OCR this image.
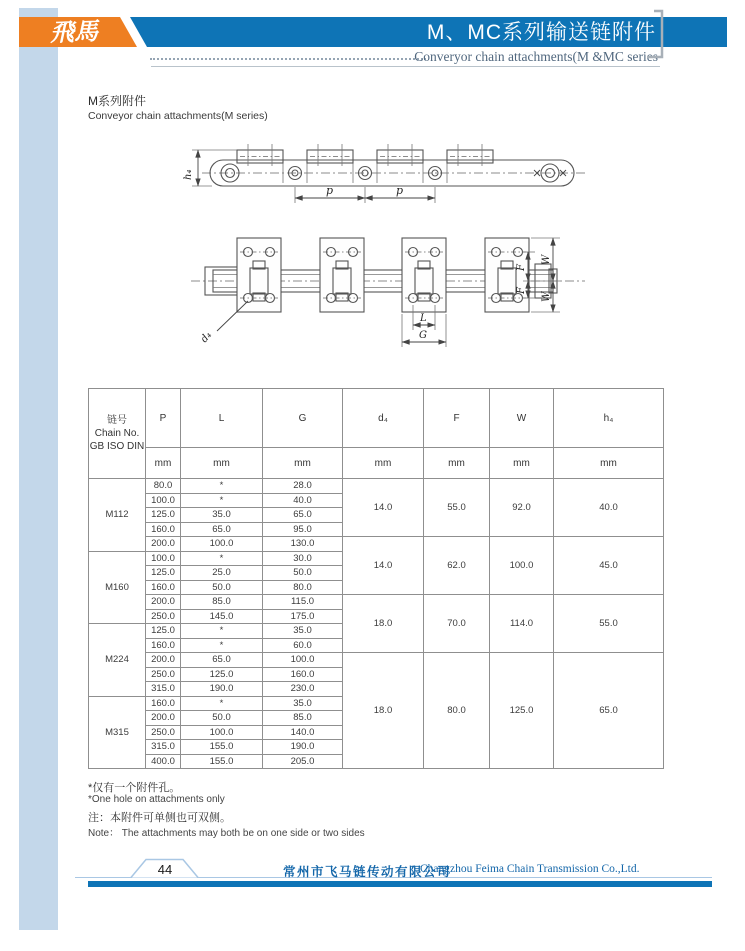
飛馬	M、MC系列输送链附件
Converyor chain attachments(M &MC series
M系列附件
Conveyor chain attachments(M series)
h₄
p	p
d₄
L
G
F
F
W
W
链号
Chain No.
GB ISO DIN	P	L	G	d₄	F	W	h₄
	mm	mm	mm	mm	mm	mm	mm
M112	80.0	*	28.0	14.0	55.0	92.0	40.0
	100.0	*	40.0				
	125.0	35.0	65.0				
	160.0	65.0	95.0				
	200.0	100.0	130.0	14.0	62.0	100.0	45.0
M160	100.0	*	30.0				
	125.0	25.0	50.0				
	160.0	50.0	80.0				
	200.0	85.0	115.0	18.0	70.0	114.0	55.0
	250.0	145.0	175.0				
M224	125.0	*	35.0				
	160.0	*	60.0				
	200.0	65.0	100.0	18.0	80.0	125.0	65.0
	250.0	125.0	160.0				
	315.0	190.0	230.0				
M315	160.0	*	35.0				
	200.0	50.0	85.0				
	250.0	100.0	140.0				
	315.0	155.0	190.0				
	400.0	155.0	205.0				
*仅有一个附件孔。
*One hole on attachments only
注：本附件可单侧也可双侧。
Note： The attachments may both be on one side or two sides
44	常州市飞马链传动有限公司
Changzhou Feima Chain Transmission Co.,Ltd.
